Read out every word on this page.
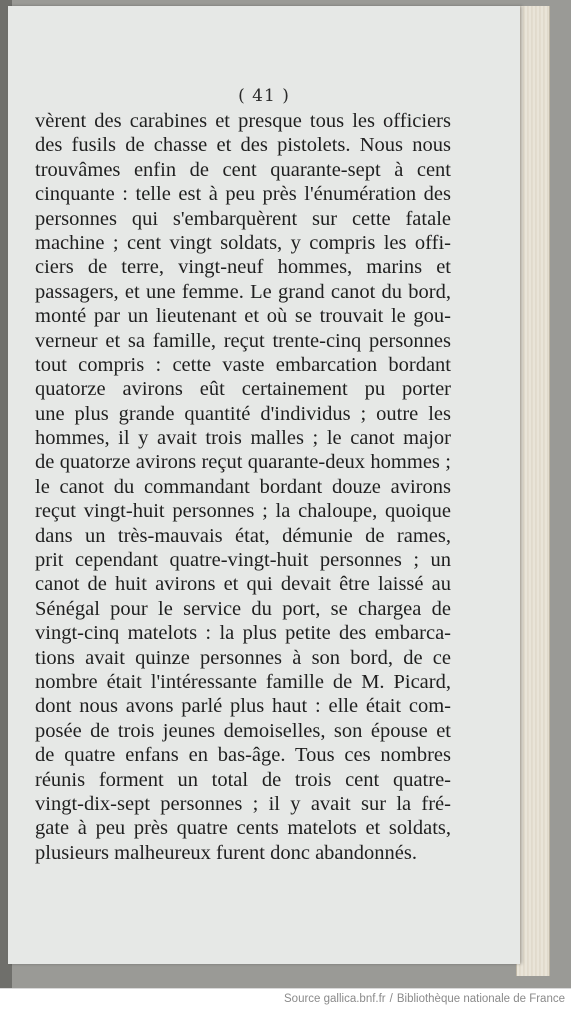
( 41 )
vèrent des carabines et presque tous les officiers
des fusils de chasse et des pistolets. Nous nous
trouvâmes enfin de cent quarante-sept à cent
cinquante : telle est à peu près l'énumération des
personnes qui s'embarquèrent sur cette fatale
machine ; cent vingt soldats, y compris les offi-
ciers de terre, vingt-neuf hommes, marins et
passagers, et une femme. Le grand canot du bord,
monté par un lieutenant et où se trouvait le gou-
verneur et sa famille, reçut trente-cinq personnes
tout compris : cette vaste embarcation bordant
quatorze avirons eût certainement pu porter
une plus grande quantité d'individus ; outre les
hommes, il y avait trois malles ; le canot major
de quatorze avirons reçut quarante-deux hommes ;
le canot du commandant bordant douze avirons
reçut vingt-huit personnes ; la chaloupe, quoique
dans un très-mauvais état, démunie de rames,
prit cependant quatre-vingt-huit personnes ; un
canot de huit avirons et qui devait être laissé au
Sénégal pour le service du port, se chargea de
vingt-cinq matelots : la plus petite des embarca-
tions avait quinze personnes à son bord, de ce
nombre était l'intéressante famille de M. Picard,
dont nous avons parlé plus haut : elle était com-
posée de trois jeunes demoiselles, son épouse et
de quatre enfans en bas-âge. Tous ces nombres
réunis forment un total de trois cent quatre-
vingt-dix-sept personnes ; il y avait sur la fré-
gate à peu près quatre cents matelots et soldats,
plusieurs malheureux furent donc abandonnés.
Source gallica.bnf.fr / Bibliothèque nationale de France
